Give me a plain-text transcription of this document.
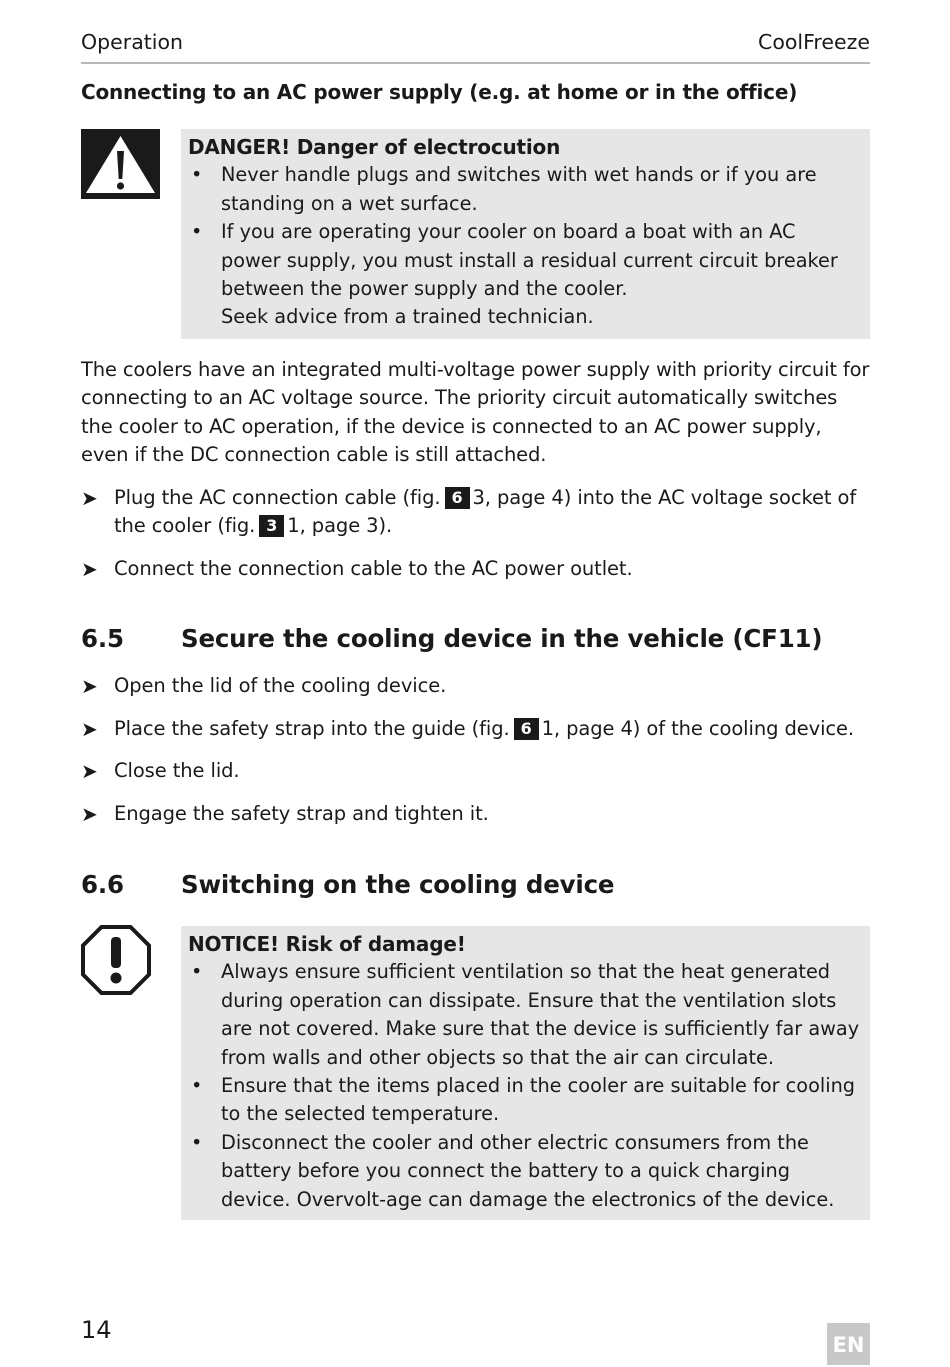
Operation	CoolFreeze
Connecting to an AC power supply (e.g. at home or in the office)
DANGER! Danger of electrocution
• Never handle plugs and switches with wet hands or if you are standing on a wet surface.
• If you are operating your cooler on board a boat with an AC power supply, you must install a residual current circuit breaker between the power supply and the cooler.
Seek advice from a trained technician.
The coolers have an integrated multi-voltage power supply with priority circuit for connecting to an AC voltage source. The priority circuit automatically switches the cooler to AC operation, if the device is connected to an AC power supply, even if the DC connection cable is still attached.
➤ Plug the AC connection cable (fig. 6 3, page 4) into the AC voltage socket of the cooler (fig. 3 1, page 3).
➤ Connect the connection cable to the AC power outlet.
6.5 Secure the cooling device in the vehicle (CF11)
➤ Open the lid of the cooling device.
➤ Place the safety strap into the guide (fig. 6 1, page 4) of the cooling device.
➤ Close the lid.
➤ Engage the safety strap and tighten it.
6.6 Switching on the cooling device
NOTICE! Risk of damage!
• Always ensure sufficient ventilation so that the heat generated during operation can dissipate. Ensure that the ventilation slots are not covered. Make sure that the device is sufficiently far away from walls and other objects so that the air can circulate.
• Ensure that the items placed in the cooler are suitable for cooling to the selected temperature.
• Disconnect the cooler and other electric consumers from the battery before you connect the battery to a quick charging device. Overvolt-age can damage the electronics of the device.
14
EN
